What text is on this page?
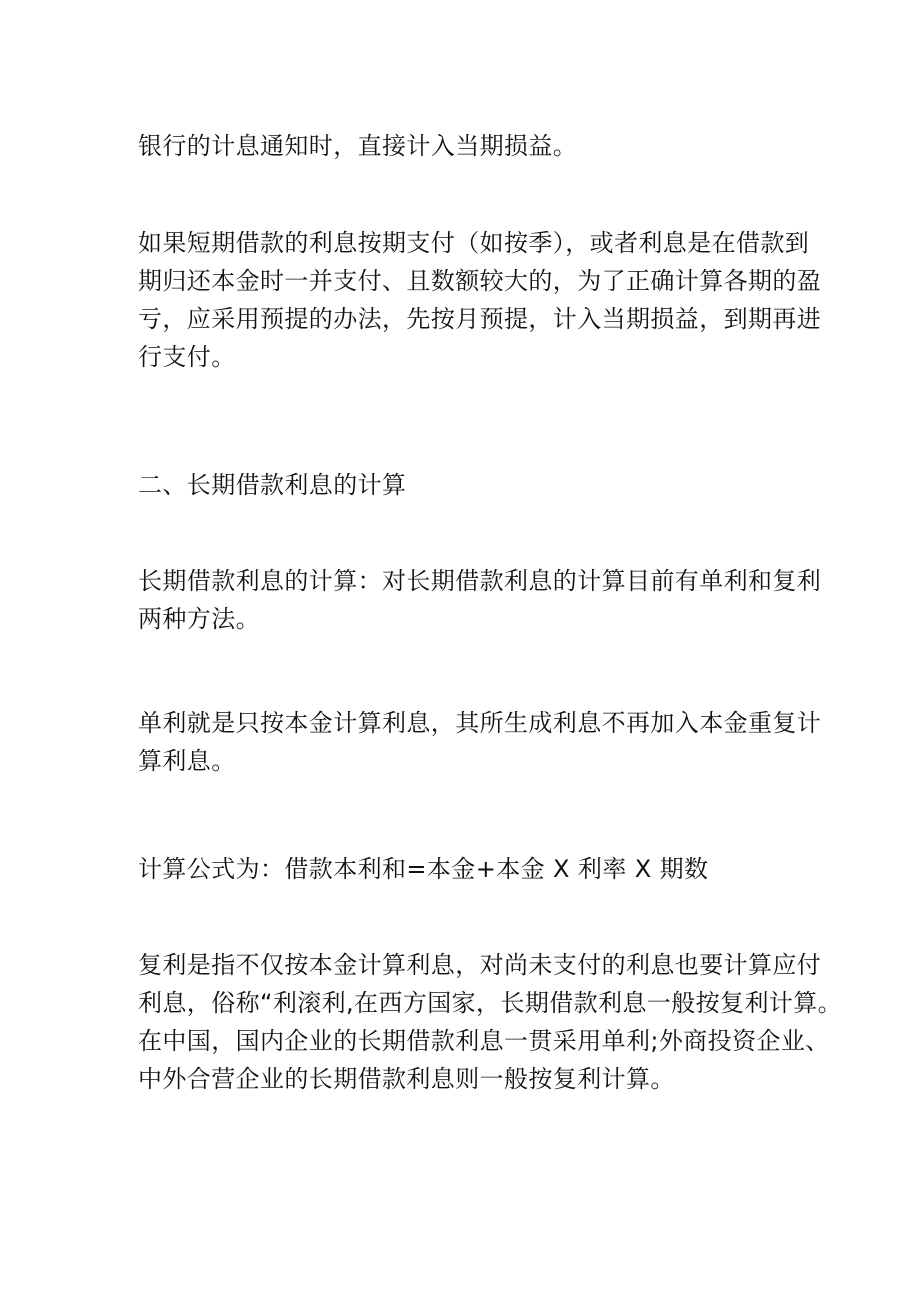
银行的计息通知时，直接计入当期损益。

如果短期借款的利息按期支付（如按季），或者利息是在借款到
期归还本金时一并支付、且数额较大的，为了正确计算各期的盈
亏，应采用预提的办法，先按月预提，计入当期损益，到期再进
行支付。

二、长期借款利息的计算

长期借款利息的计算：对长期借款利息的计算目前有单利和复利
两种方法。

单利就是只按本金计算利息，其所生成利息不再加入本金重复计
算利息。

计算公式为：借款本利和=本金+本金 X 利率 X 期数

复利是指不仅按本金计算利息，对尚未支付的利息也要计算应付
利息，俗称“利滚利,在西方国家，长期借款利息一般按复利计算。
在中国，国内企业的长期借款利息一贯采用单利;外商投资企业、
中外合营企业的长期借款利息则一般按复利计算。
